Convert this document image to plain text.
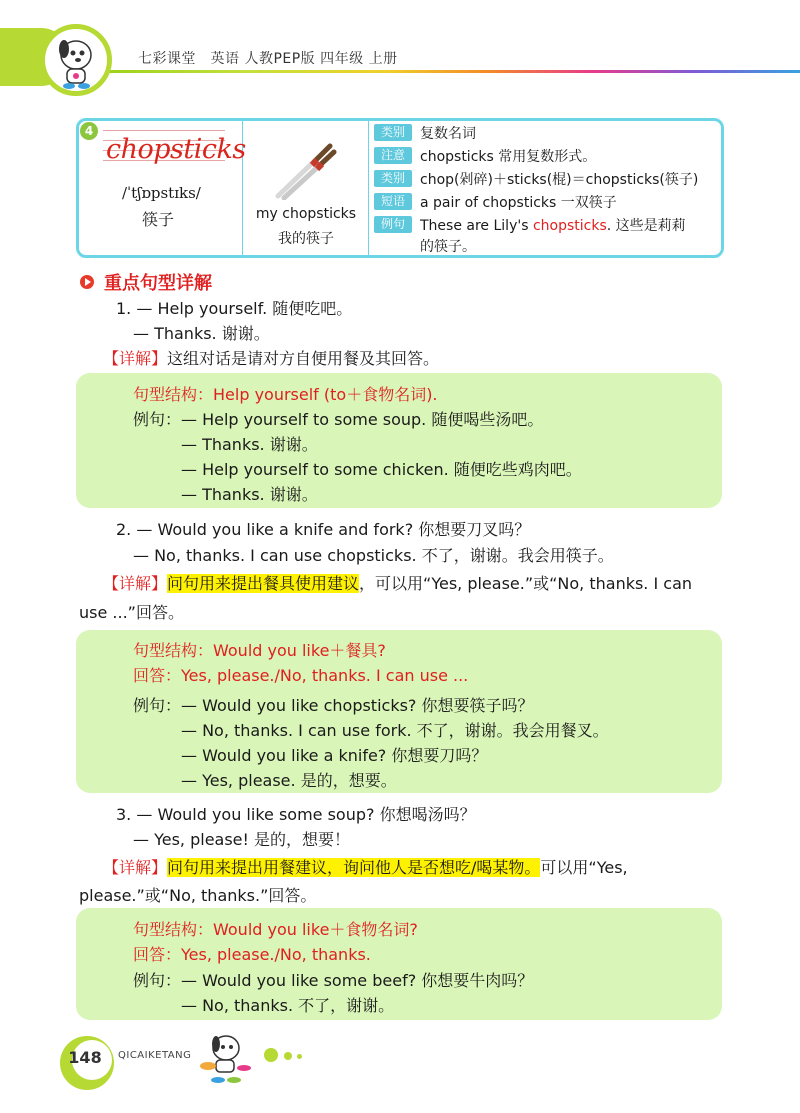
七彩课堂　英语 人教PEP版 四年级 上册
4
chopsticks
/ˈtʃɒpstɪks/
筷子	my chopsticks
我的筷子
类别	复数名词
注意	chopsticks 常用复数形式。
类别	chop(剁碎)＋sticks(棍)＝chopsticks(筷子)
短语	a pair of chopsticks 一双筷子
例句	These are Lily's chopsticks. 这些是莉莉
的筷子。
重点句型详解
1. — Help yourself. 随便吃吧。
— Thanks. 谢谢。
【详解】这组对话是请对方自便用餐及其回答。
句型结构：Help yourself (to＋食物名词).
例句：— Help yourself to some soup. 随便喝些汤吧。
— Thanks. 谢谢。
— Help yourself to some chicken. 随便吃些鸡肉吧。
— Thanks. 谢谢。
2. — Would you like a knife and fork? 你想要刀叉吗？
— No, thanks. I can use chopsticks. 不了，谢谢。我会用筷子。
【详解】问句用来提出餐具使用建议，可以用“Yes, please.”或“No, thanks. I can
use ...”回答。
句型结构：Would you like＋餐具?
回答：Yes, please./No, thanks. I can use ...
例句：— Would you like chopsticks? 你想要筷子吗？
— No, thanks. I can use fork. 不了，谢谢。我会用餐叉。
— Would you like a knife? 你想要刀吗？
— Yes, please. 是的，想要。
3. — Would you like some soup? 你想喝汤吗？
— Yes, please! 是的，想要！
【详解】问句用来提出用餐建议，询问他人是否想吃/喝某物。可以用“Yes,
please.”或“No, thanks.”回答。
句型结构：Would you like＋食物名词?
回答：Yes, please./No, thanks.
例句：— Would you like some beef? 你想要牛肉吗？
— No, thanks. 不了，谢谢。
148	QICAIKETANG
